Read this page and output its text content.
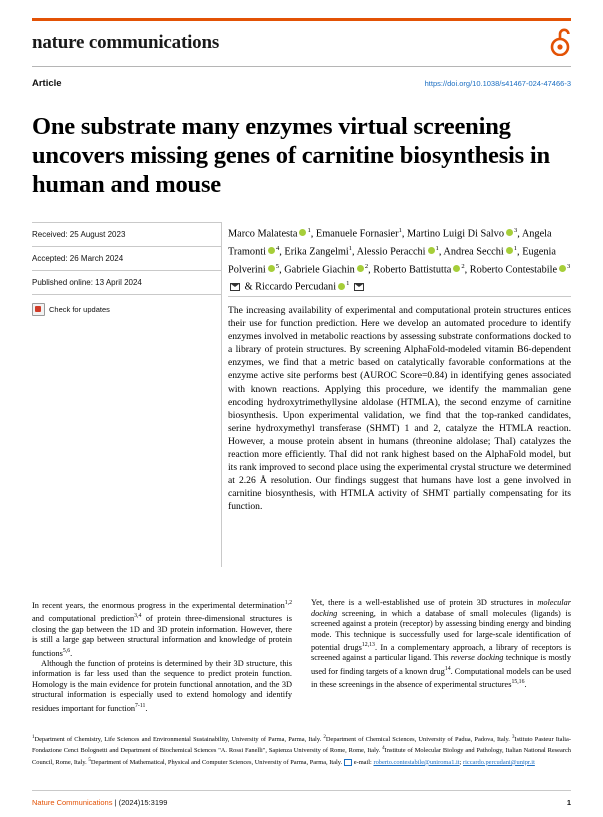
nature communications
Article	https://doi.org/10.1038/s41467-024-47466-3
One substrate many enzymes virtual screening uncovers missing genes of carnitine biosynthesis in human and mouse
Received: 25 August 2023
Accepted: 26 March 2024
Published online: 13 April 2024
Check for updates
Marco Malatesta $^1$, Emanuele Fornasier$^1$, Martino Luigi Di Salvo $^3$, Angela Tramonti $^4$, Erika Zangelmi$^1$, Alessio Peracchi $^1$, Andrea Secchi $^1$, Eugenia Polverini $^5$, Gabriele Giachin $^2$, Roberto Battistutta $^2$, Roberto Contestabile $^3$  & Riccardo Percudani $^1$
The increasing availability of experimental and computational protein structures entices their use for function prediction. Here we develop an automated procedure to identify enzymes involved in metabolic reactions by assessing substrate conformations docked to a library of protein structures. By screening AlphaFold-modeled vitamin B6-dependent enzymes, we find that a metric based on catalytically favorable conformations at the enzyme active site performs best (AUROC Score=0.84) in identifying genes associated with known reactions. Applying this procedure, we identify the mammalian gene encoding hydroxytrimethyllysine aldolase (HTMLA), the second enzyme of carnitine biosynthesis. Upon experimental validation, we find that the top-ranked candidates, serine hydroxymethyl transferase (SHMT) 1 and 2, catalyze the HTMLA reaction. However, a mouse protein absent in humans (threonine aldolase; ThaI) catalyzes the reaction more efficiently. ThaI did not rank highest based on the AlphaFold model, but its rank improved to second place using the experimental crystal structure we determined at 2.26 Å resolution. Our findings suggest that humans have lost a gene involved in carnitine biosynthesis, with HTMLA activity of SHMT partially compensating for its function.

In recent years, the enormous progress in the experimental determination$^{1,2}$ and computational prediction$^{3,4}$ of protein three-dimensional structures is closing the gap between the 1D and 3D protein information. However, there is still a large gap between structural information and knowledge of protein functions$^{5,6}$.

Although the function of proteins is determined by their 3D structure, this information is far less used than the sequence to predict protein function. Homology is the main evidence for protein functional annotation, and the 3D structural information is especially used to extend homology and identify residues important for function$^{7-11}$.

Yet, there is a well-established use of protein 3D structures in molecular docking screening, in which a database of small molecules (ligands) is screened against a protein (receptor) by assessing binding energy and binding mode. This technique is successfully used for large-scale identification of potential drugs$^{12,13}$. In a complementary approach, a library of receptors is screened against a particular ligand. This reverse docking technique is mostly used for finding targets of a known drug$^{14}$. Computational models can be used in these screenings in the absence of experimental structures$^{15,16}$.

$^1$Department of Chemistry, Life Sciences and Environmental Sustainability, University of Parma, Parma, Italy. $^2$Department of Chemical Sciences, University of Padua, Padova, Italy. $^3$Istituto Pasteur Italia-Fondazione Cenci Bolognetti and Department of Biochemical Sciences "A. Rossi Fanelli", Sapienza University of Rome, Rome, Italy. $^4$Institute of Molecular Biology and Pathology, Italian National Research Council, Rome, Italy. $^5$Department of Mathematical, Physical and Computer Sciences, University of Parma, Parma, Italy. e-mail: roberto.contestabile@uniroma1.it; riccardo.percudani@unipr.it
Nature Communications | (2024)15:3199	1
